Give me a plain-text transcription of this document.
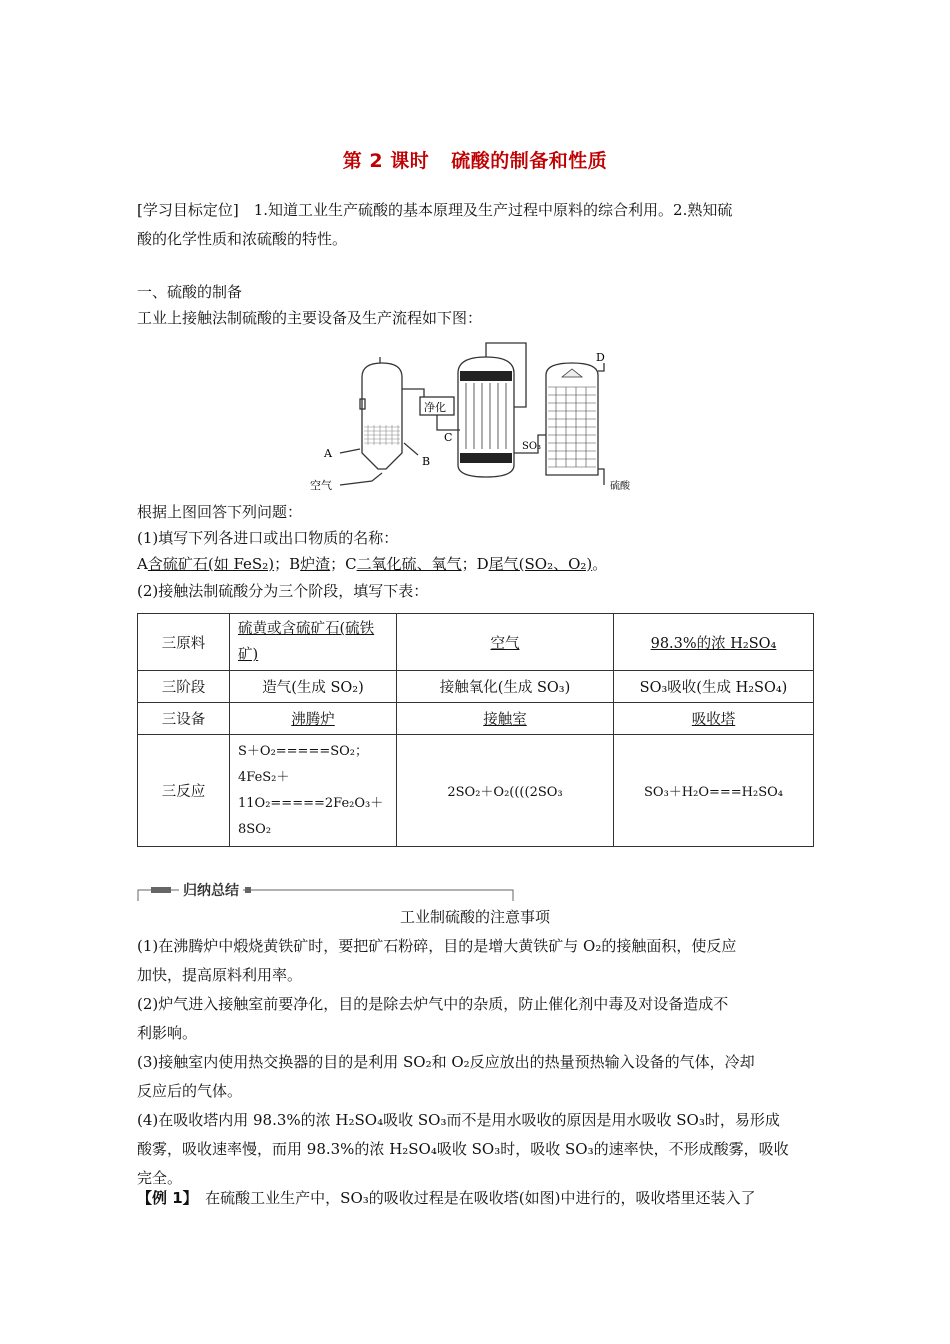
第 2 课时 硫酸的制备和性质
[学习目标定位]　1.知道工业生产硫酸的基本原理及生产过程中原料的综合利用。2.熟知硫
酸的化学性质和浓硫酸的特性。
一、硫酸的制备
工业上接触法制硫酸的主要设备及生产流程如下图：
A
空气
B
净化
C
SO₃
D
硫酸
根据上图回答下列问题：
(1)填写下列各进口或出口物质的名称：
A含硫矿石(如 FeS₂)；B炉渣；C二氧化硫、氧气；D尾气(SO₂、O₂)。
(2)接触法制硫酸分为三个阶段，填写下表：
三原料	硫黄或含硫矿石(硫铁矿)	空气	98.3%的浓 H₂SO₄
三阶段	造气(生成 SO₂)	接触氧化(生成 SO₃)	SO₃吸收(生成 H₂SO₄)
三设备	沸腾炉	接触室	吸收塔
三反应	S＋O₂=====SO₂；
4FeS₂＋
11O₂=====2Fe₂O₃＋
8SO₂	2SO₂＋O₂((((2SO₃	SO₃＋H₂O===H₂SO₄
归纳总结
工业制硫酸的注意事项
(1)在沸腾炉中煅烧黄铁矿时，要把矿石粉碎，目的是增大黄铁矿与 O₂的接触面积，使反应
加快，提高原料利用率。
(2)炉气进入接触室前要净化，目的是除去炉气中的杂质，防止催化剂中毒及对设备造成不
利影响。
(3)接触室内使用热交换器的目的是利用 SO₂和 O₂反应放出的热量预热输入设备的气体，冷却
反应后的气体。
(4)在吸收塔内用 98.3%的浓 H₂SO₄吸收 SO₃而不是用水吸收的原因是用水吸收 SO₃时，易形成
酸雾，吸收速率慢，而用 98.3%的浓 H₂SO₄吸收 SO₃时，吸收 SO₃的速率快，不形成酸雾，吸收
完全。
【例 1】　在硫酸工业生产中，SO₃的吸收过程是在吸收塔(如图)中进行的，吸收塔里还装入了
